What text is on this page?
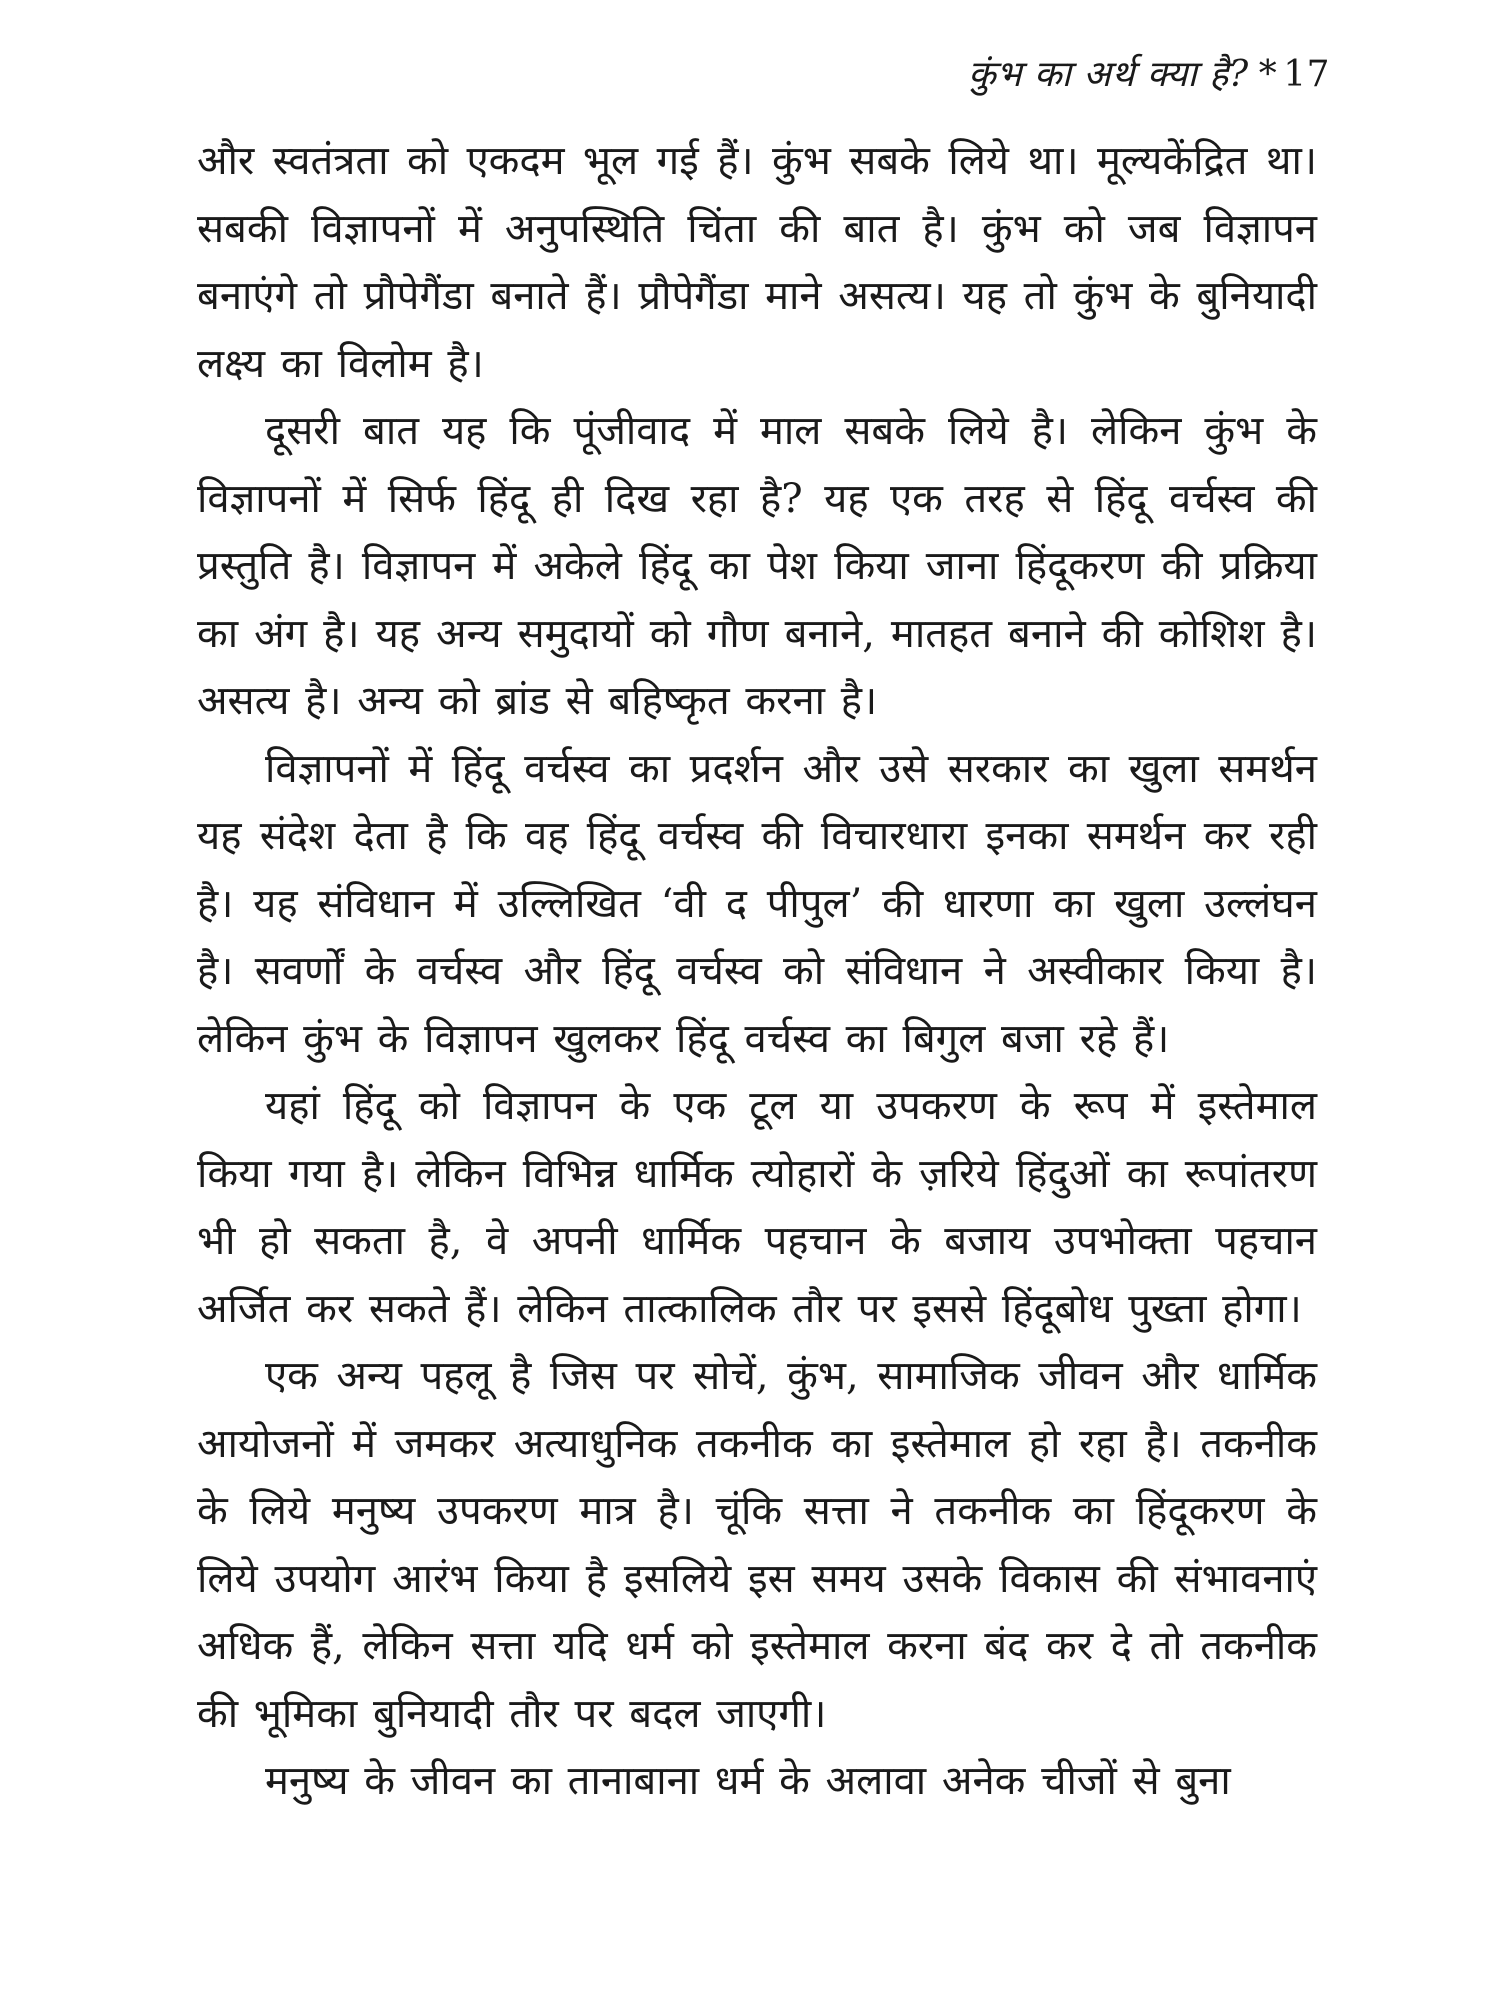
कुंभ का अर्थ क्या है? * 17

और स्वतंत्रता को एकदम भूल गई हैं। कुंभ सबके लिये था। मूल्यकेंद्रित था। सबकी विज्ञापनों में अनुपस्थिति चिंता की बात है। कुंभ को जब विज्ञापन बनाएंगे तो प्रौपेगैंडा बनाते हैं। प्रौपेगैंडा माने असत्य। यह तो कुंभ के बुनियादी लक्ष्य का विलोम है।

दूसरी बात यह कि पूंजीवाद में माल सबके लिये है। लेकिन कुंभ के विज्ञापनों में सिर्फ हिंदू ही दिख रहा है? यह एक तरह से हिंदू वर्चस्व की प्रस्तुति है। विज्ञापन में अकेले हिंदू का पेश किया जाना हिंदूकरण की प्रक्रिया का अंग है। यह अन्य समुदायों को गौण बनाने, मातहत बनाने की कोशिश है। असत्य है। अन्य को ब्रांड से बहिष्कृत करना है।

विज्ञापनों में हिंदू वर्चस्व का प्रदर्शन और उसे सरकार का खुला समर्थन यह संदेश देता है कि वह हिंदू वर्चस्व की विचारधारा इनका समर्थन कर रही है। यह संविधान में उल्लिखित ‘वी द पीपुल’ की धारणा का खुला उल्लंघन है। सवर्णों के वर्चस्व और हिंदू वर्चस्व को संविधान ने अस्वीकार किया है। लेकिन कुंभ के विज्ञापन खुलकर हिंदू वर्चस्व का बिगुल बजा रहे हैं।

यहां हिंदू को विज्ञापन के एक टूल या उपकरण के रूप में इस्तेमाल किया गया है। लेकिन विभिन्न धार्मिक त्योहारों के ज़रिये हिंदुओं का रूपांतरण भी हो सकता है, वे अपनी धार्मिक पहचान के बजाय उपभोक्ता पहचान अर्जित कर सकते हैं। लेकिन तात्कालिक तौर पर इससे हिंदूबोध पुख्ता होगा।

एक अन्य पहलू है जिस पर सोचें, कुंभ, सामाजिक जीवन और धार्मिक आयोजनों में जमकर अत्याधुनिक तकनीक का इस्तेमाल हो रहा है। तकनीक के लिये मनुष्य उपकरण मात्र है। चूंकि सत्ता ने तकनीक का हिंदूकरण के लिये उपयोग आरंभ किया है इसलिये इस समय उसके विकास की संभावनाएं अधिक हैं, लेकिन सत्ता यदि धर्म को इस्तेमाल करना बंद कर दे तो तकनीक की भूमिका बुनियादी तौर पर बदल जाएगी।

मनुष्य के जीवन का तानाबाना धर्म के अलावा अनेक चीजों से बुना
